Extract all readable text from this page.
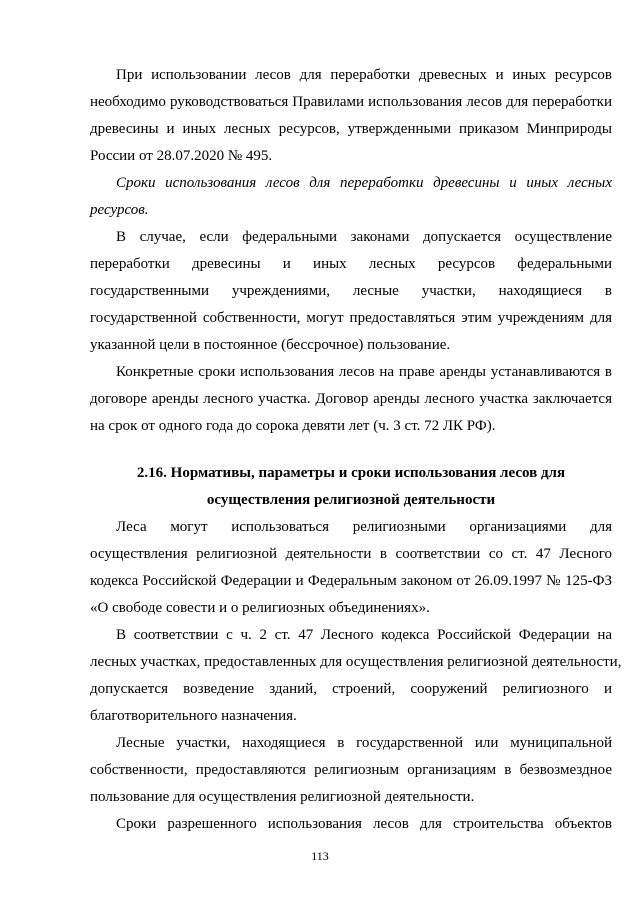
При использовании лесов для переработки древесных и иных ресурсов
необходимо руководствоваться Правилами использования лесов для переработки
древесины и иных лесных ресурсов, утвержденными приказом Минприроды
России от 28.07.2020 № 495.
Сроки использования лесов для переработки древесины и иных лесных
ресурсов.
В случае, если федеральными законами допускается осуществление
переработки древесины и иных лесных ресурсов федеральными
государственными учреждениями, лесные участки, находящиеся в
государственной собственности, могут предоставляться этим учреждениям для
указанной цели в постоянное (бессрочное) пользование.
Конкретные сроки использования лесов на праве аренды устанавливаются в
договоре аренды лесного участка. Договор аренды лесного участка заключается
на срок от одного года до сорока девяти лет (ч. 3 ст. 72 ЛК РФ).
2.16. Нормативы, параметры и сроки использования лесов для
осуществления религиозной деятельности
Леса могут использоваться религиозными организациями для
осуществления религиозной деятельности в соответствии со ст. 47 Лесного
кодекса Российской Федерации и Федеральным законом от 26.09.1997 № 125-ФЗ
«О свободе совести и о религиозных объединениях».
В соответствии с ч. 2 ст. 47 Лесного кодекса Российской Федерации на
лесных участках, предоставленных для осуществления религиозной деятельности,
допускается возведение зданий, строений, сооружений религиозного и
благотворительного назначения.
Лесные участки, находящиеся в государственной или муниципальной
собственности, предоставляются религиозным организациям в безвозмездное
пользование для осуществления религиозной деятельности.
Сроки разрешенного использования лесов для строительства объектов
113
